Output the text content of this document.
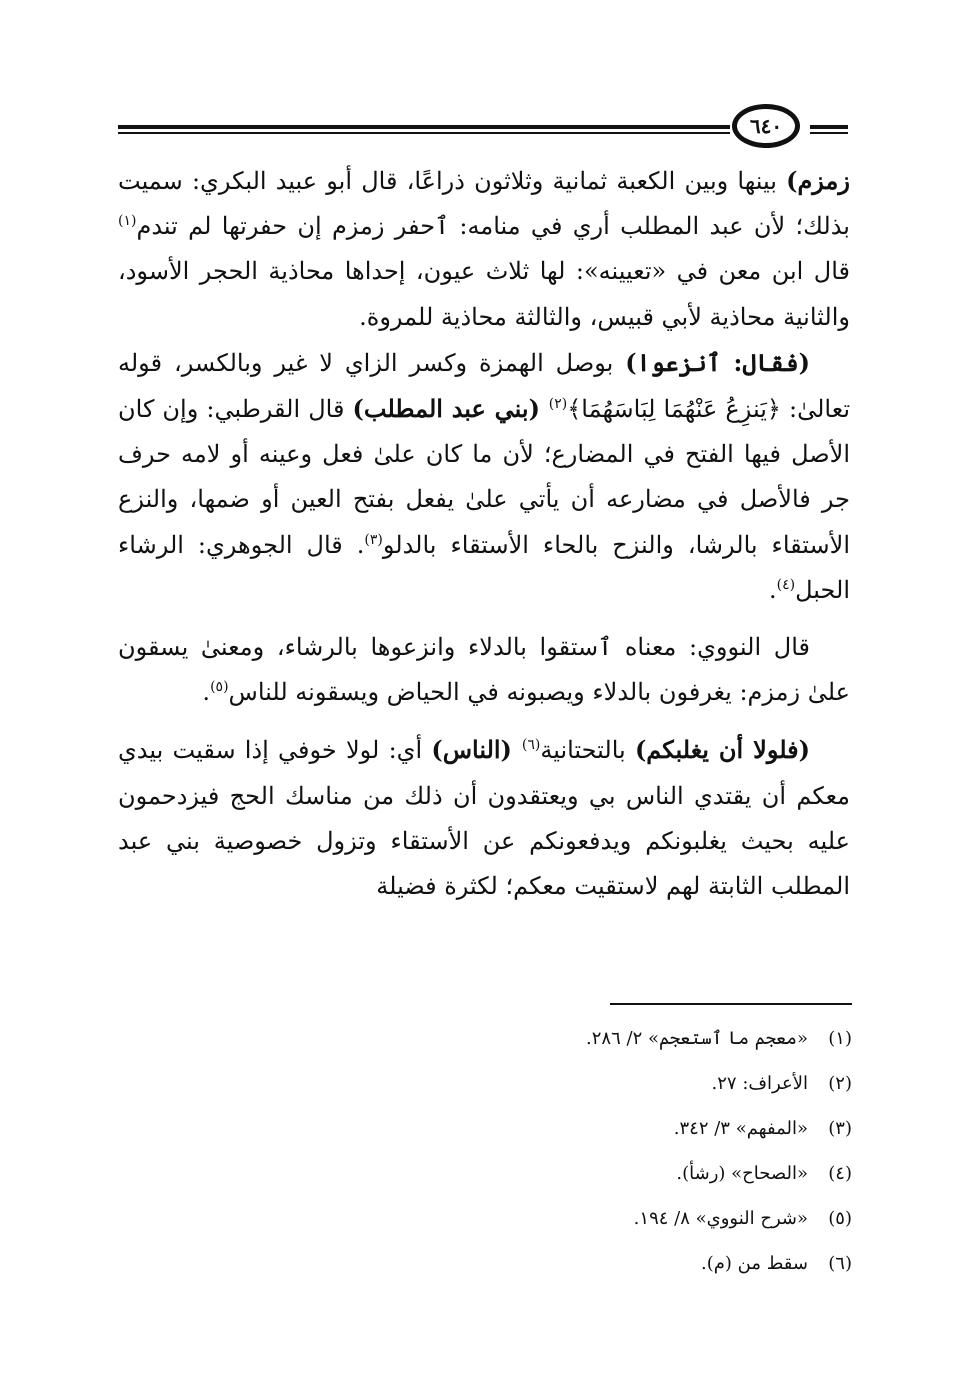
٦٤٠

زمزم) بينها وبين الكعبة ثمانية وثلاثون ذراعًا، قال أبو عبيد البكري: سميت بذلك؛ لأن عبد المطلب أري في منامه: ٱحفر زمزم إن حفرتها لم تندم$^{(١)}$ قال ابن معن في «تعيينه»: لها ثلاث عيون، إحداها محاذية الحجر الأسود، والثانية محاذية لأبي قبيس، والثالثة محاذية للمروة.

(فقال: ٱنزعوا) بوصل الهمزة وكسر الزاي لا غير وبالكسر، قوله تعالىٰ: ﴿يَنزِعُ عَنْهُمَا لِبَاسَهُمَا﴾$^{(٢)}$ (بني عبد المطلب) قال القرطبي: وإن كان الأصل فيها الفتح في المضارع؛ لأن ما كان علىٰ فعل وعينه أو لامه حرف جر فالأصل في مضارعه أن يأتي علىٰ يفعل بفتح العين أو ضمها، والنزع الأستقاء بالرشا، والنزح بالحاء الأستقاء بالدلو$^{(٣)}$. قال الجوهري: الرشاء الحبل$^{(٤)}$.

قال النووي: معناه ٱستقوا بالدلاء وانزعوها بالرشاء، ومعنىٰ يسقون علىٰ زمزم: يغرفون بالدلاء ويصبونه في الحياض ويسقونه للناس$^{(٥)}$.

(فلولا أن يغلبكم) بالتحتانية$^{(٦)}$ (الناس) أي: لولا خوفي إذا سقيت بيدي معكم أن يقتدي الناس بي ويعتقدون أن ذلك من مناسك الحج فيزدحمون عليه بحيث يغلبونكم ويدفعونكم عن الأستقاء وتزول خصوصية بني عبد المطلب الثابتة لهم لاستقيت معكم؛ لكثرة فضيلة

(١)
«معجم ما ٱستعجم» ٢/ ٢٨٦.
(٢)
الأعراف: ٢٧.
(٣)
«المفهم» ٣/ ٣٤٢.
(٤)
«الصحاح» (رشأ).
(٥)
«شرح النووي» ٨/ ١٩٤.
(٦)
سقط من (م).
